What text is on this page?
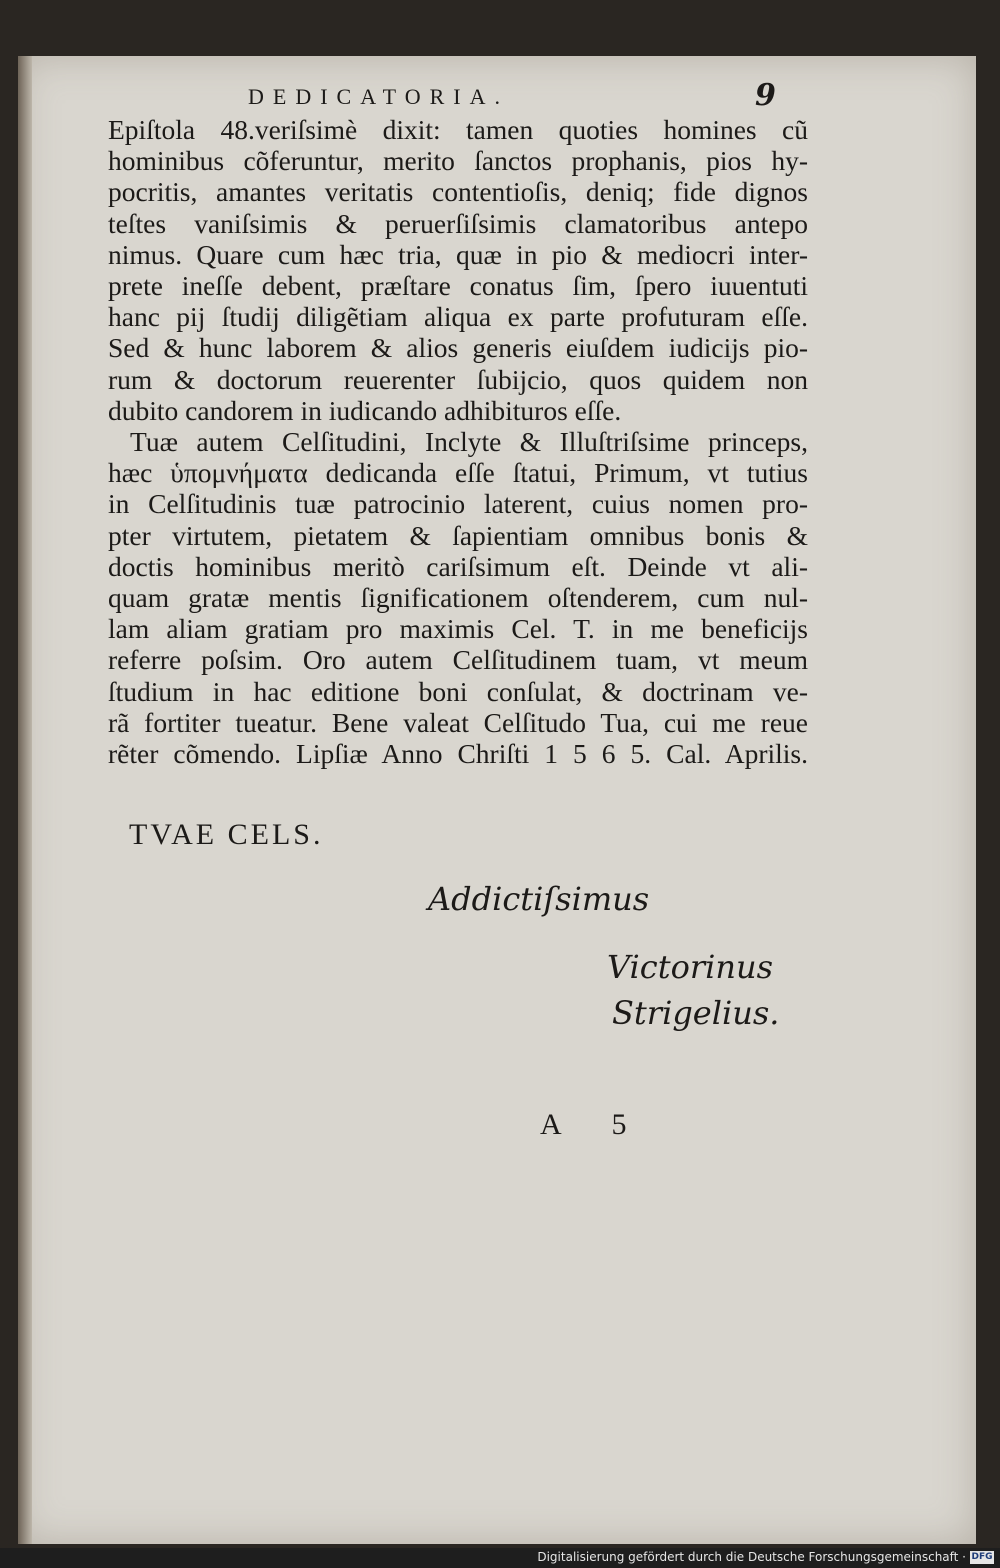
DEDICATORIA.	9
Epiſtola 48.veriſsimè dixit: tamen quoties homines cũ
hominibus cõferuntur, merito ſanctos prophanis, pios hy-
pocritis, amantes veritatis contentioſis, deniq; fide dignos
teſtes vaniſsimis & peruerſiſsimis clamatoribus antepo
nimus. Quare cum hæc tria, quæ in pio & mediocri inter-
prete ineſſe debent, præſtare conatus ſim, ſpero iuuentuti
hanc pij ſtudij diligẽtiam aliqua ex parte profuturam eſſe.
Sed & hunc laborem & alios generis eiuſdem iudicijs pio-
rum & doctorum reuerenter ſubijcio, quos quidem non
dubito candorem in iudicando adhibituros eſſe.
Tuæ autem Celſitudini, Inclyte & Illuſtriſsime princeps,
hæc ὑπομνήματα dedicanda eſſe ſtatui, Primum, vt tutius
in Celſitudinis tuæ patrocinio laterent, cuius nomen pro-
pter virtutem, pietatem & ſapientiam omnibus bonis &
doctis hominibus meritò cariſsimum eſt. Deinde vt ali-
quam gratæ mentis ſignificationem oſtenderem, cum nul-
lam aliam gratiam pro maximis Cel. T. in me beneficijs
referre poſsim. Oro autem Celſitudinem tuam, vt meum
ſtudium in hac editione boni conſulat, & doctrinam ve-
rã fortiter tueatur. Bene valeat Celſitudo Tua, cui me reue
rẽter cõmendo. Lipſiæ Anno Chriſti 1 5 6 5. Cal. Aprilis.
TVAE CELS.
Addictiſsimus
Victorinus
Strigelius.
A 5
Digitalisierung gefördert durch die Deutsche Forschungsgemeinschaft · DFG
